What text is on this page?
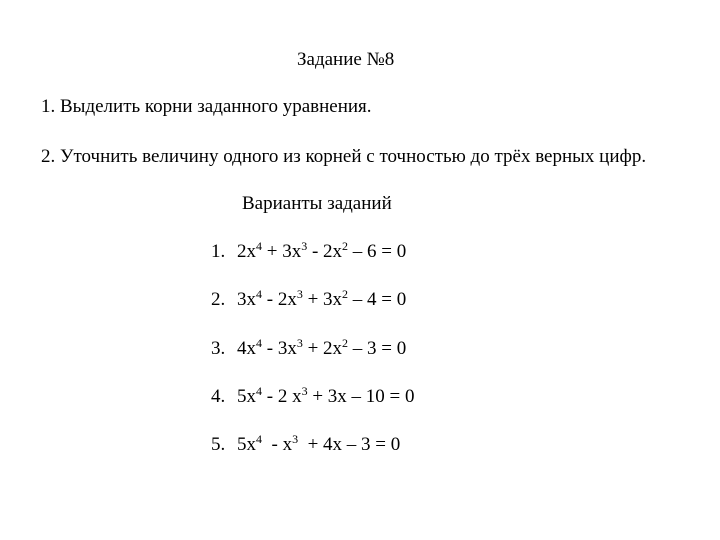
Задание №8
1. Выделить корни заданного уравнения.
2. Уточнить величину одного из корней с точностью до трёх верных цифр.
Варианты заданий
1. $2x^4 + 3x^3 - 2x^2 - 6 = 0$
2. $3x^4 - 2x^3 + 3x^2 - 4 = 0$
3. $4x^4 - 3x^3 + 2x^2 - 3 = 0$
4. $5x^4 - 2$ $x^3 + 3x - 10 = 0$
5. $5x^4 - x^3 + 4x - 3 = 0$
